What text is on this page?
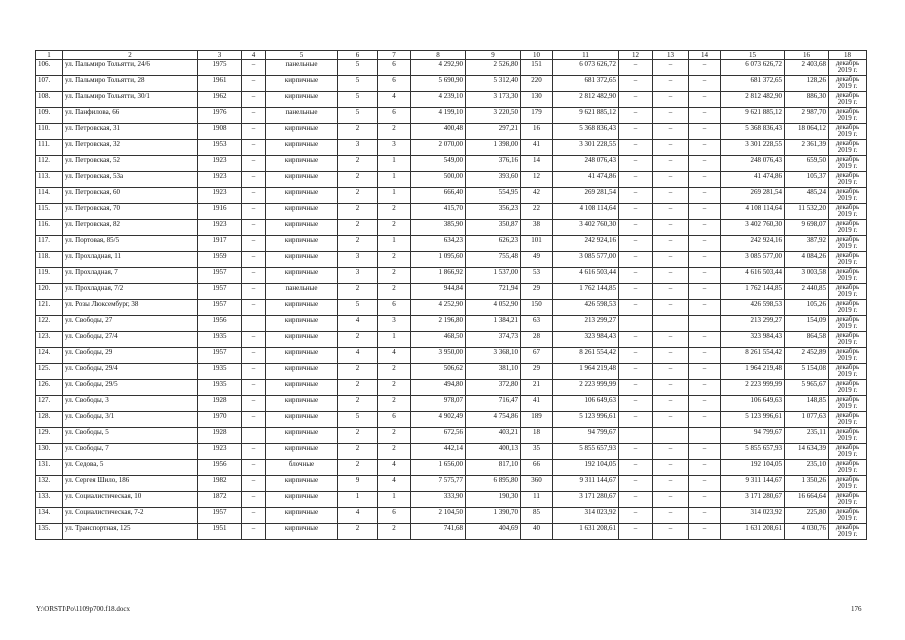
1	2	3	4	5	6	7	8	9	10	11	12	13	14	15	16	18
106.	ул. Пальмиро Тольятти, 24/6	1975	–	панельные	5	6	4 292,90	2 526,80	151	6 073 626,72	–	–	–	6 073 626,72	2 403,68	декабрь 2019 г.
107.	ул. Пальмиро Тольятти, 28	1961	–	кирпичные	5	6	5 690,90	5 312,40	220	681 372,65	–	–	–	681 372,65	128,26	декабрь 2019 г.
108.	ул. Пальмиро Тольятти, 30/1	1962	–	кирпичные	5	4	4 239,10	3 173,30	130	2 812 482,90	–	–	–	2 812 482,90	886,30	декабрь 2019 г.
109.	ул. Панфилова, 66	1976	–	панельные	5	6	4 199,10	3 220,50	179	9 621 885,12	–	–	–	9 621 885,12	2 987,70	декабрь 2019 г.
110.	ул. Петровская, 31	1908	–	кирпичные	2	2	400,48	297,21	16	5 368 836,43	–	–	–	5 368 836,43	18 064,12	декабрь 2019 г.
111.	ул. Петровская, 32	1953	–	кирпичные	3	3	2 070,00	1 398,00	41	3 301 228,55	–	–	–	3 301 228,55	2 361,39	декабрь 2019 г.
112.	ул. Петровская, 52	1923	–	кирпичные	2	1	549,00	376,16	14	248 076,43	–	–	–	248 076,43	659,50	декабрь 2019 г.
113.	ул. Петровская, 53а	1923	–	кирпичные	2	1	500,00	393,60	12	41 474,86	–	–	–	41 474,86	105,37	декабрь 2019 г.
114.	ул. Петровская, 60	1923	–	кирпичные	2	1	666,40	554,95	42	269 281,54	–	–	–	269 281,54	485,24	декабрь 2019 г.
115.	ул. Петровская, 70	1916	–	кирпичные	2	2	415,70	356,23	22	4 108 114,64	–	–	–	4 108 114,64	11 532,20	декабрь 2019 г.
116.	ул. Петровская, 82	1923	–	кирпичные	2	2	385,90	350,87	38	3 402 760,30	–	–	–	3 402 760,30	9 698,07	декабрь 2019 г.
117.	ул. Портовая, 85/5	1917	–	кирпичные	2	1	634,23	626,23	101	242 924,16	–	–	–	242 924,16	387,92	декабрь 2019 г.
118.	ул. Прохладная, 11	1959	–	кирпичные	3	2	1 095,60	755,48	49	3 085 577,00	–	–	–	3 085 577,00	4 084,26	декабрь 2019 г.
119.	ул. Прохладная, 7	1957	–	кирпичные	3	2	1 866,92	1 537,00	53	4 616 503,44	–	–	–	4 616 503,44	3 003,58	декабрь 2019 г.
120.	ул. Прохладная, 7/2	1957	–	панельные	2	2	944,84	721,94	29	1 762 144,85	–	–	–	1 762 144,85	2 440,85	декабрь 2019 г.
121.	ул. Розы Люксембург, 38	1957	–	кирпичные	5	6	4 252,90	4 052,90	150	426 598,53	–	–	–	426 598,53	105,26	декабрь 2019 г.
122.	ул. Свободы, 27	1956		кирпичные	4	3	2 196,80	1 384,21	63	213 299,27				213 299,27	154,09	декабрь 2019 г.
123.	ул. Свободы, 27/4	1935	–	кирпичные	2	1	468,50	374,73	28	323 984,43	–	–	–	323 984,43	864,58	декабрь 2019 г.
124.	ул. Свободы, 29	1957	–	кирпичные	4	4	3 950,00	3 368,10	67	8 261 554,42	–	–	–	8 261 554,42	2 452,89	декабрь 2019 г.
125.	ул. Свободы, 29/4	1935	–	кирпичные	2	2	506,62	381,10	29	1 964 219,48	–	–	–	1 964 219,48	5 154,08	декабрь 2019 г.
126.	ул. Свободы, 29/5	1935	–	кирпичные	2	2	494,80	372,80	21	2 223 999,99	–	–	–	2 223 999,99	5 965,67	декабрь 2019 г.
127.	ул. Свободы, 3	1928	–	кирпичные	2	2	978,07	716,47	41	106 649,63	–	–	–	106 649,63	148,85	декабрь 2019 г.
128.	ул. Свободы, 3/1	1970	–	кирпичные	5	6	4 902,49	4 754,86	189	5 123 996,61	–	–	–	5 123 996,61	1 077,63	декабрь 2019 г.
129.	ул. Свободы, 5	1928		кирпичные	2	2	672,56	403,21	18	94 799,67				94 799,67	235,11	декабрь 2019 г.
130.	ул. Свободы, 7	1923	–	кирпичные	2	2	442,14	400,13	35	5 855 657,93	–	–	–	5 855 657,93	14 634,39	декабрь 2019 г.
131.	ул. Седова, 5	1956	–	блочные	2	4	1 656,00	817,10	66	192 104,05	–	–	–	192 104,05	235,10	декабрь 2019 г.
132.	ул. Сергея Шило, 186	1982	–	кирпичные	9	4	7 575,77	6 895,80	360	9 311 144,67	–	–	–	9 311 144,67	1 350,26	декабрь 2019 г.
133.	ул. Социалистическая, 10	1872	–	кирпичные	1	1	333,90	190,30	11	3 171 280,67	–	–	–	3 171 280,67	16 664,64	декабрь 2019 г.
134.	ул. Социалистическая, 7-2	1957	–	кирпичные	4	6	2 104,50	1 390,70	85	314 023,92	–	–	–	314 023,92	225,80	декабрь 2019 г.
135.	ул. Транспортная, 125	1951	–	кирпичные	2	2	741,68	404,69	40	1 631 208,61	–	–	–	1 631 208,61	4 030,76	декабрь 2019 г.
Y:\ORSTI\Po\1109p700.f18.docx	176
